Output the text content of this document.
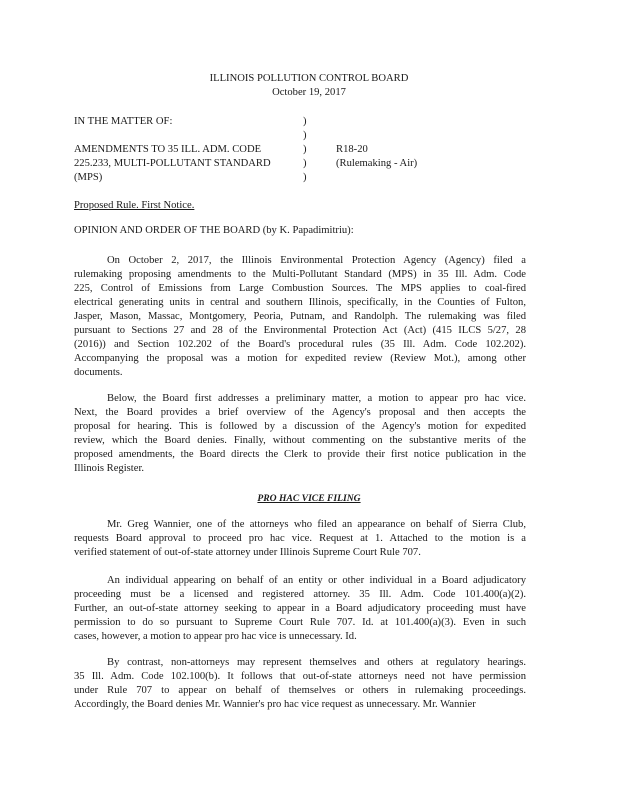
ILLINOIS POLLUTION CONTROL BOARD
October 19, 2017
IN THE MATTER OF:
AMENDMENTS TO 35 ILL. ADM. CODE
225.233, MULTI-POLLUTANT STANDARD
(MPS)
)
)
)
)
)
R18-20
(Rulemaking - Air)
Proposed Rule. First Notice.
OPINION AND ORDER OF THE BOARD (by K. Papadimitriu):
On October 2, 2017, the Illinois Environmental Protection Agency (Agency) filed a
rulemaking proposing amendments to the Multi-Pollutant Standard (MPS) in 35 Ill. Adm. Code
225, Control of Emissions from Large Combustion Sources. The MPS applies to coal-fired
electrical generating units in central and southern Illinois, specifically, in the Counties of Fulton,
Jasper, Mason, Massac, Montgomery, Peoria, Putnam, and Randolph. The rulemaking was filed
pursuant to Sections 27 and 28 of the Environmental Protection Act (Act) (415 ILCS 5/27, 28
(2016)) and Section 102.202 of the Board's procedural rules (35 Ill. Adm. Code 102.202).
Accompanying the proposal was a motion for expedited review (Review Mot.), among other
documents.
Below, the Board first addresses a preliminary matter, a motion to appear pro hac vice.
Next, the Board provides a brief overview of the Agency's proposal and then accepts the
proposal for hearing. This is followed by a discussion of the Agency's motion for expedited
review, which the Board denies. Finally, without commenting on the substantive merits of the
proposed amendments, the Board directs the Clerk to provide their first notice publication in the
Illinois Register.
PRO HAC VICE FILING
Mr. Greg Wannier, one of the attorneys who filed an appearance on behalf of Sierra Club,
requests Board approval to proceed pro hac vice. Request at 1. Attached to the motion is a
verified statement of out-of-state attorney under Illinois Supreme Court Rule 707.
An individual appearing on behalf of an entity or other individual in a Board adjudicatory
proceeding must be a licensed and registered attorney. 35 Ill. Adm. Code 101.400(a)(2).
Further, an out-of-state attorney seeking to appear in a Board adjudicatory proceeding must have
permission to do so pursuant to Supreme Court Rule 707. Id. at 101.400(a)(3). Even in such
cases, however, a motion to appear pro hac vice is unnecessary. Id.
By contrast, non-attorneys may represent themselves and others at regulatory hearings.
35 Ill. Adm. Code 102.100(b). It follows that out-of-state attorneys need not have permission
under Rule 707 to appear on behalf of themselves or others in rulemaking proceedings.
Accordingly, the Board denies Mr. Wannier's pro hac vice request as unnecessary. Mr. Wannier
